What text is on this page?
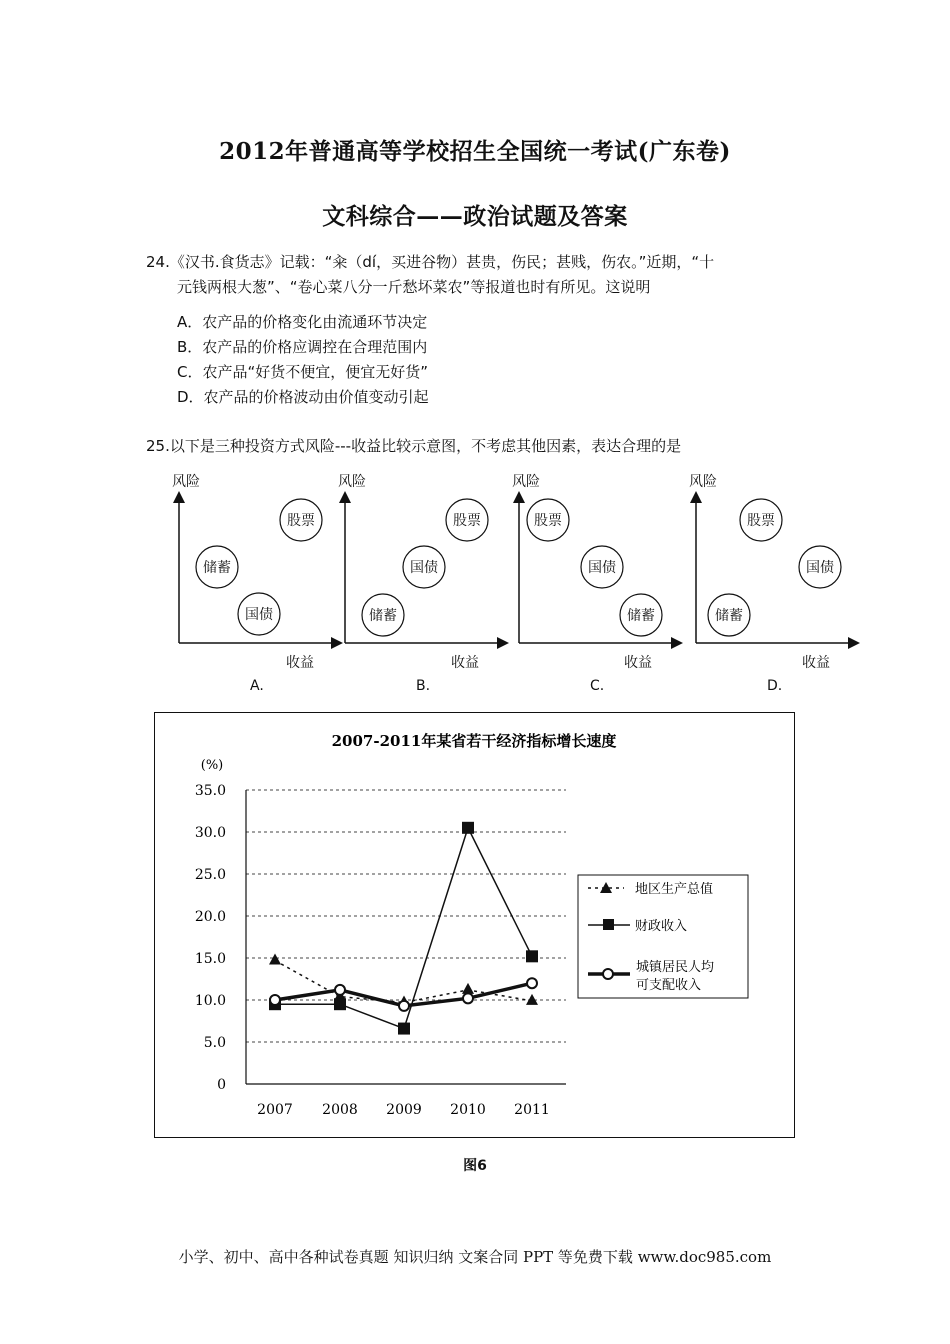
2012年普通高等学校招生全国统一考试(广东卷)
文科综合——政治试题及答案
24.《汉书.食货志》记载：“籴（dí，买进谷物）甚贵，伤民；甚贱，伤农。”近期，“十
元钱两根大葱”、“卷心菜八分一斤愁坏菜农”等报道也时有所见。这说明
A．农产品的价格变化由流通环节决定
B．农产品的价格应调控在合理范围内
C．农产品“好货不便宜，便宜无好货”
D．农产品的价格波动由价值变动引起
25.以下是三种投资方式风险---收益比较示意图，不考虑其他因素，表达合理的是
风险
股票
储蓄
国债
收益
A.
风险
股票
国债
储蓄
收益
B.
风险
股票
国债
储蓄
收益
C.
风险
股票
国债
储蓄
收益
D.
2007-2011年某省若干经济指标增长速度
(%)
0
5.0
10.0
15.0
20.0
25.0
30.0
35.0
2007 2008 2009 2010 2011
地区生产总值
财政收入
城镇居民人均
可支配收入
图6
小学、初中、高中各种试卷真题 知识归纳 文案合同 PPT 等免费下载 www.doc985.com
